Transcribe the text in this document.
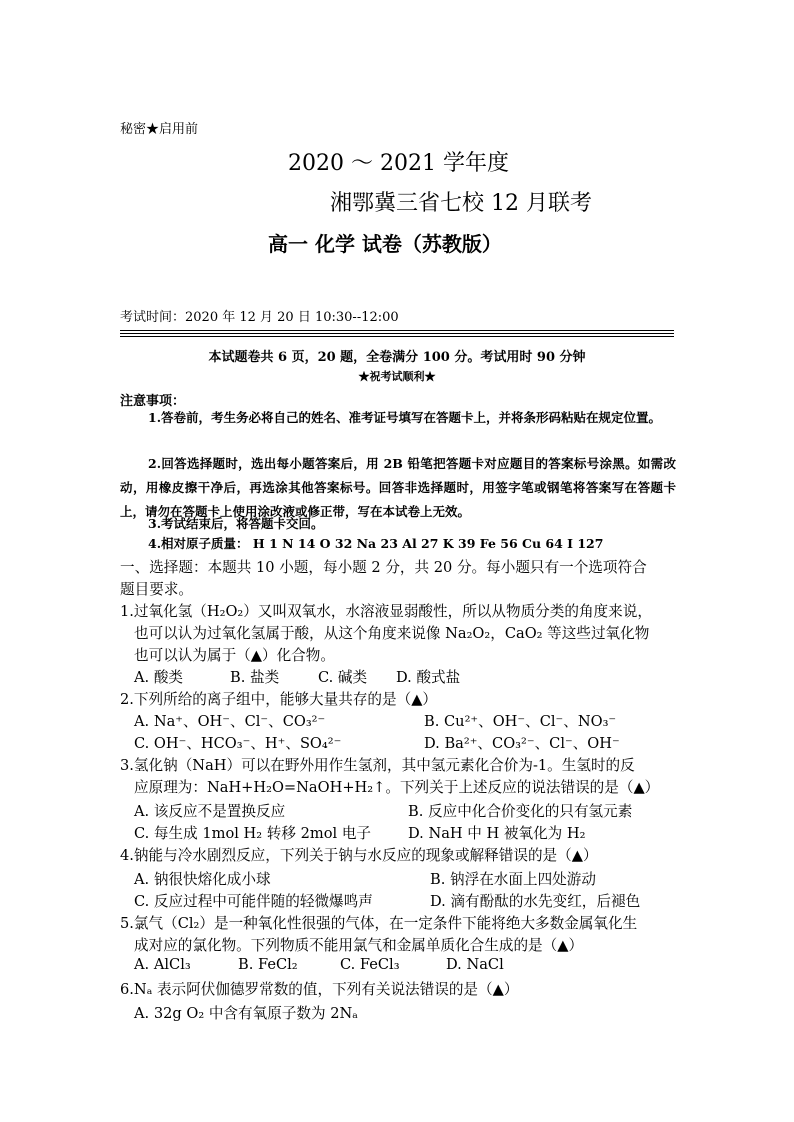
秘密★启用前
2020 ～ 2021 学年度
湘鄂冀三省七校 12 月联考
高一 化学 试卷（苏教版）
考试时间：2020 年 12 月 20 日 10:30--12:00
本试题卷共 6 页，20 题，全卷满分 100 分。考试用时 90 分钟
★祝考试顺利★
注意事项：
1.答卷前，考生务必将自己的姓名、准考证号填写在答题卡上，并将条形码粘贴在规定位置。
2.回答选择题时，选出每小题答案后，用 2B 铅笔把答题卡对应题目的答案标号涂黑。如需改动，用橡皮擦干净后，再选涂其他答案标号。回答非选择题时，用签字笔或钢笔将答案写在答题卡上，请勿在答题卡上使用涂改液或修正带，写在本试卷上无效。
3.考试结束后，将答题卡交回。
4.相对原子质量： H 1 N 14 O 32 Na 23 Al 27 K 39 Fe 56 Cu 64 I 127
一、选择题：本题共 10 小题，每小题 2 分，共 20 分。每小题只有一个选项符合
题目要求。
1.过氧化氢（H₂O₂）又叫双氧水，水溶液显弱酸性，所以从物质分类的角度来说，
也可以认为过氧化氢属于酸，从这个角度来说像 Na₂O₂，CaO₂ 等这些过氧化物
也可以认为属于（▲）化合物。
A. 酸类	B. 盐类	C. 碱类 D. 酸式盐
2.下列所给的离子组中，能够大量共存的是（▲）
A. Na⁺、OH⁻、Cl⁻、CO₃²⁻	B. Cu²⁺、OH⁻、Cl⁻、NO₃⁻
C. OH⁻、HCO₃⁻、H⁺、SO₄²⁻	D. Ba²⁺、CO₃²⁻、Cl⁻、OH⁻
3.氢化钠（NaH）可以在野外用作生氢剂，其中氢元素化合价为-1。生氢时的反
应原理为：NaH+H₂O=NaOH+H₂↑。下列关于上述反应的说法错误的是（▲）
A. 该反应不是置换反应	B. 反应中化合价变化的只有氢元素
C. 每生成 1mol H₂ 转移 2mol 电子	D. NaH 中 H 被氧化为 H₂
4.钠能与冷水剧烈反应，下列关于钠与水反应的现象或解释错误的是（▲）
A. 钠很快熔化成小球	B. 钠浮在水面上四处游动
C. 反应过程中可能伴随的轻微爆鸣声	D. 滴有酚酞的水先变红，后褪色
5.氯气（Cl₂）是一种氧化性很强的气体，在一定条件下能将绝大多数金属氧化生
成对应的氯化物。下列物质不能用氯气和金属单质化合生成的是（▲）
A. AlCl₃	B. FeCl₂	C. FeCl₃	D. NaCl
6.Nₐ 表示阿伏伽德罗常数的值，下列有关说法错误的是（▲）
A. 32g O₂ 中含有氧原子数为 2Nₐ
